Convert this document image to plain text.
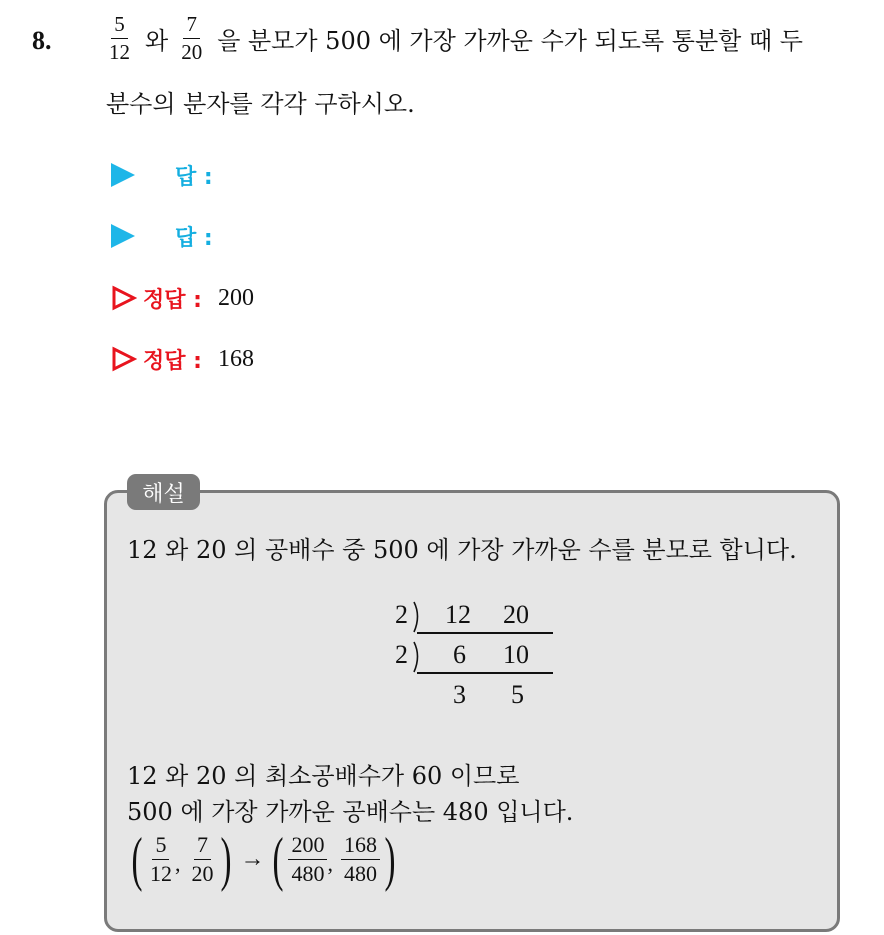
8.	$\frac{5}{12}$ 와 $\frac{7}{20}$ 을 분모가 500 에 가장 가까운 수가 되도록 통분할 때 두
분수의 분자를 각각 구하시오.
답 :
답 :
정답 : 200
정답 : 168
해설
12 와 20 의 공배수 중 500 에 가장 가까운 수를 분모로 합니다.
2 12 20
2 6 10
3 5
12 와 20 의 최소공배수가 60 이므로
500 에 가장 가까운 공배수는 480 입니다.
( $\frac{5}{12}$ , $\frac{7}{20}$ ) → ( $\frac{200}{480}$ , $\frac{168}{480}$ )
